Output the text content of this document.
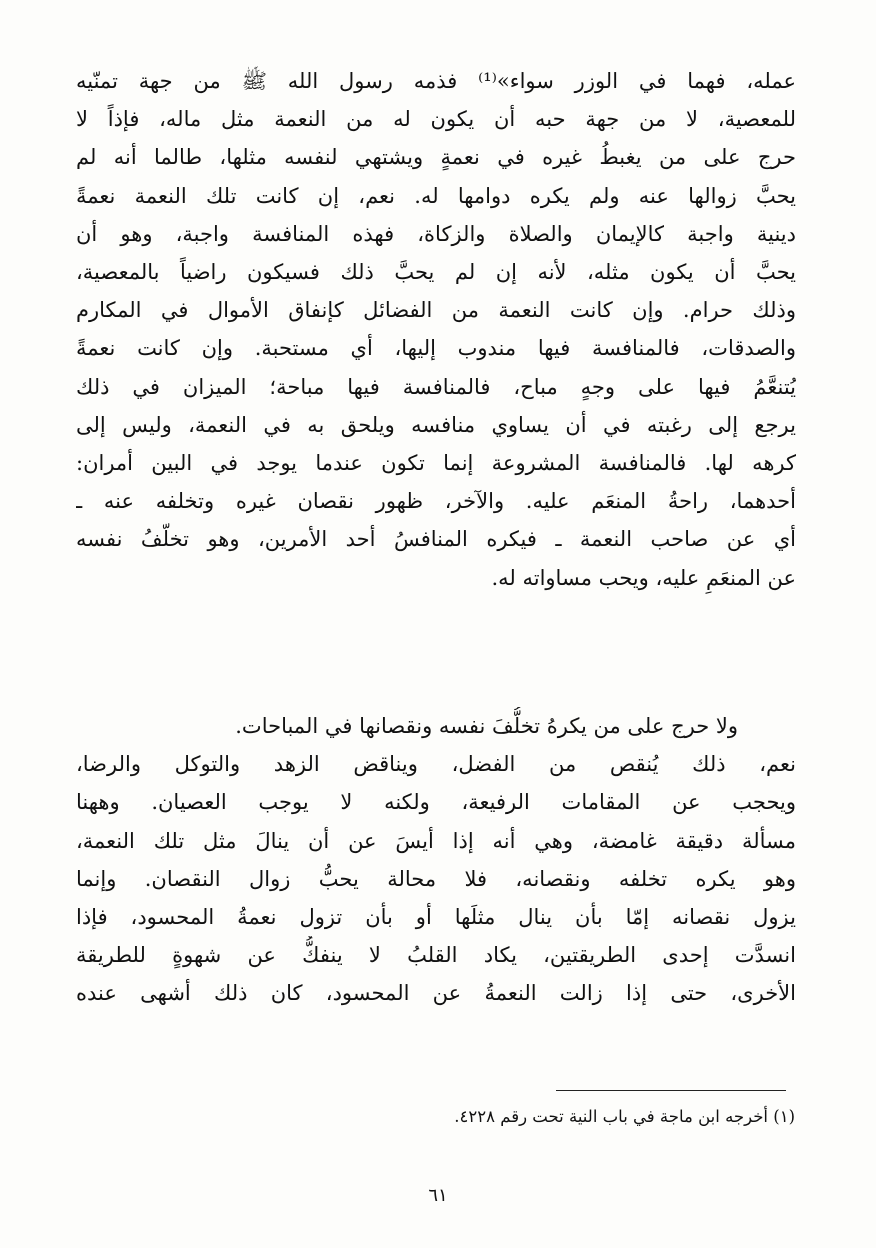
عمله، فهما في الوزر سواء»⁽¹⁾ فذمه رسول الله ﷺ من جهة تمنّيه
للمعصية، لا من جهة حبه أن يكون له من النعمة مثل ماله، فإذاً لا
حرج على من يغبطُ غيره في نعمةٍ ويشتهي لنفسه مثلها، طالما أنه لم
يحبَّ زوالها عنه ولم يكره دوامها له. نعم، إن كانت تلك النعمة نعمةً
دينية واجبة كالإيمان والصلاة والزكاة، فهذه المنافسة واجبة، وهو أن
يحبَّ أن يكون مثله، لأنه إن لم يحبَّ ذلك فسيكون راضياً بالمعصية،
وذلك حرام. وإن كانت النعمة من الفضائل كإنفاق الأموال في المكارم
والصدقات، فالمنافسة فيها مندوب إليها، أي مستحبة. وإن كانت نعمةً
يُتنعَّمُ فيها على وجهٍ مباح، فالمنافسة فيها مباحة؛ الميزان في ذلك
يرجع إلى رغبته في أن يساوي منافسه ويلحق به في النعمة، وليس إلى
كرهه لها. فالمنافسة المشروعة إنما تكون عندما يوجد في البين أمران:
أحدهما، راحةُ المنعَم عليه. والآخر، ظهور نقصان غيره وتخلفه عنه ـ
أي عن صاحب النعمة ـ فيكره المنافسُ أحد الأمرين، وهو تخلّفُ نفسه
عن المنعَمِ عليه، ويحب مساواته له.
ولا حرج على من يكرهُ تخلُّفَ نفسه ونقصانها في المباحات.
نعم، ذلك يُنقص من الفضل، ويناقض الزهد والتوكل والرضا،
ويحجب عن المقامات الرفيعة، ولكنه لا يوجب العصيان. وههنا
مسألة دقيقة غامضة، وهي أنه إذا أيسَ عن أن ينالَ مثل تلك النعمة،
وهو يكره تخلفه ونقصانه، فلا محالة يحبُّ زوال النقصان. وإنما
يزول نقصانه إمّا بأن ينال مثلَها أو بأن تزول نعمةُ المحسود، فإذا
انسدَّت إحدى الطريقتين، يكاد القلبُ لا ينفكُّ عن شهوةٍ للطريقة
الأخرى، حتى إذا زالت النعمةُ عن المحسود، كان ذلك أشهى عنده
(١) أخرجه ابن ماجة في باب النية تحت رقم ٤٢٢٨.
٦١
